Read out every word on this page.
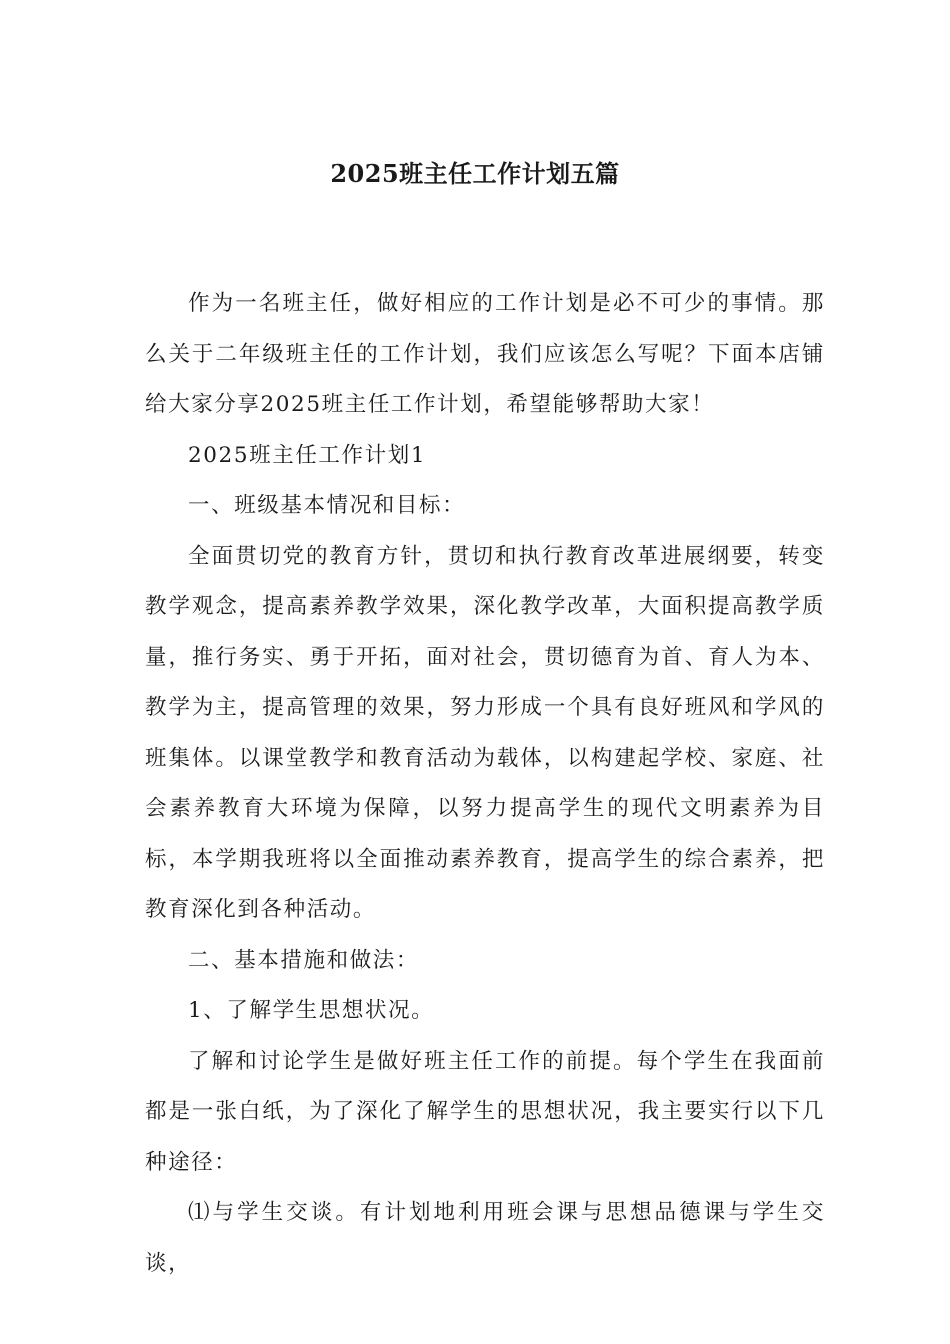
2025班主任工作计划五篇

作为一名班主任，做好相应的工作计划是必不可少的事情。那么关于二年级班主任的工作计划，我们应该怎么写呢？下面本店铺给大家分享2025班主任工作计划，希望能够帮助大家！

2025班主任工作计划1

一、班级基本情况和目标：

全面贯切党的教育方针，贯切和执行教育改革进展纲要，转变教学观念，提高素养教学效果，深化教学改革，大面积提高教学质量，推行务实、勇于开拓，面对社会，贯切德育为首、育人为本、教学为主，提高管理的效果，努力形成一个具有良好班风和学风的班集体。以课堂教学和教育活动为载体，以构建起学校、家庭、社会素养教育大环境为保障，以努力提高学生的现代文明素养为目标，本学期我班将以全面推动素养教育，提高学生的综合素养，把教育深化到各种活动。

二、基本措施和做法：

1、了解学生思想状况。

了解和讨论学生是做好班主任工作的前提。每个学生在我面前都是一张白纸，为了深化了解学生的思想状况，我主要实行以下几种途径：

⑴与学生交谈。有计划地利用班会课与思想品德课与学生交谈，
